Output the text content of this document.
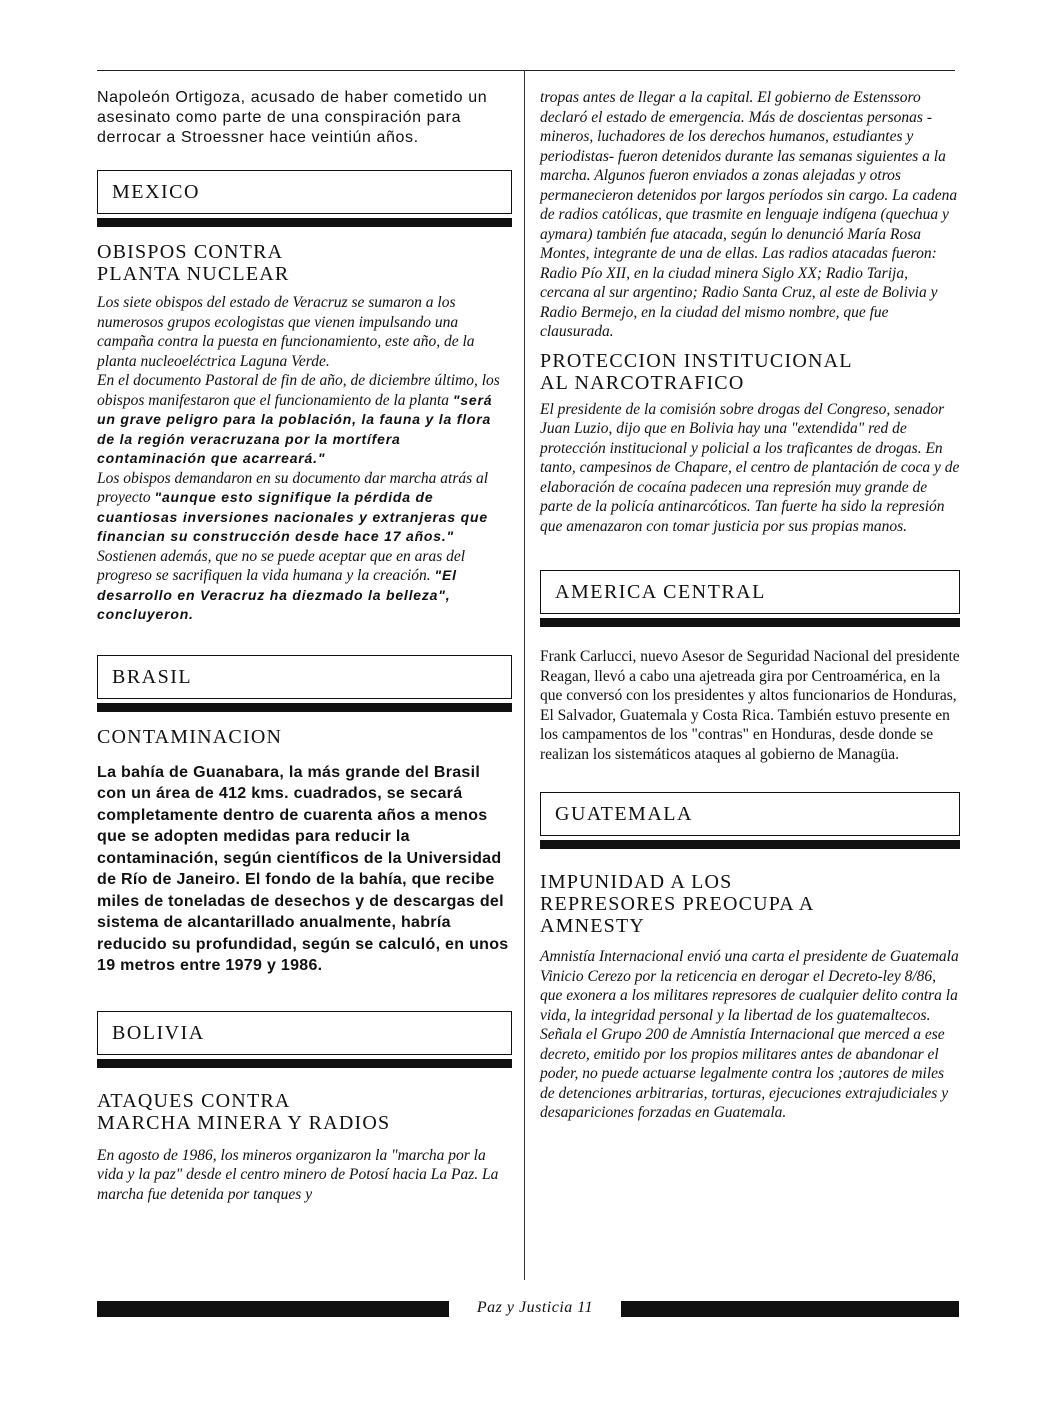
Napoleón Ortigoza, acusado de haber cometido un asesinato como parte de una conspiración para derrocar a Stroessner hace veintiún años.

MEXICO

OBISPOS CONTRA

PLANTA NUCLEAR

Los siete obispos del estado de Veracruz se sumaron a los numerosos grupos ecologistas que vienen impulsando una campaña contra la puesta en funcionamiento, este año, de la planta nucleoeléctrica Laguna Verde.

En el documento Pastoral de fin de año, de diciembre último, los obispos manifestaron que el funcionamiento de la planta "será un grave peligro para la población, la fauna y la flora de la región veracruzana por la mortífera contaminación que acarreará."

Los obispos demandaron en su documento dar marcha atrás al proyecto "aunque esto signifique la pérdida de cuantiosas inversiones nacionales y extranjeras que financian su construcción desde hace 17 años."

Sostienen además, que no se puede aceptar que en aras del progreso se sacrifiquen la vida humana y la creación. "El desarrollo en Veracruz ha diezmado la belleza", concluyeron.

BRASIL

CONTAMINACION

La bahía de Guanabara, la más grande del Brasil con un área de 412 kms. cuadrados, se secará completamente dentro de cuarenta años a menos que se adopten medidas para reducir la contaminación, según científicos de la Universidad de Río de Janeiro. El fondo de la bahía, que recibe miles de toneladas de desechos y de descargas del sistema de alcantarillado anualmente, habría reducido su profundidad, según se calculó, en unos 19 metros entre 1979 y 1986.

BOLIVIA

ATAQUES CONTRA

MARCHA MINERA Y RADIOS

En agosto de 1986, los mineros organizaron la "marcha por la vida y la paz" desde el centro minero de Potosí hacia La Paz. La marcha fue detenida por tanques y

tropas antes de llegar a la capital. El gobierno de Estenssoro declaró el estado de emergencia. Más de doscientas personas -mineros, luchadores de los derechos humanos, estudiantes y periodistas- fueron detenidos durante las semanas siguientes a la marcha. Algunos fueron enviados a zonas alejadas y otros permanecieron detenidos por largos períodos sin cargo. La cadena de radios católicas, que trasmite en lenguaje indígena (quechua y aymara) también fue atacada, según lo denunció María Rosa Montes, integrante de una de ellas. Las radios atacadas fueron: Radio Pío XII, en la ciudad minera Siglo XX; Radio Tarija, cercana al sur argentino; Radio Santa Cruz, al este de Bolivia y Radio Bermejo, en la ciudad del mismo nombre, que fue clausurada.

PROTECCION INSTITUCIONAL

AL NARCOTRAFICO

El presidente de la comisión sobre drogas del Congreso, senador Juan Luzio, dijo que en Bolivia hay una "extendida" red de protección institucional y policial a los traficantes de drogas. En tanto, campesinos de Chapare, el centro de plantación de coca y de elaboración de cocaína padecen una represión muy grande de parte de la policía antinarcóticos. Tan fuerte ha sido la represión que amenazaron con tomar justicia por sus propias manos.

AMERICA CENTRAL

Frank Carlucci, nuevo Asesor de Seguridad Nacional del presidente Reagan, llevó a cabo una ajetreada gira por Centroamérica, en la que conversó con los presidentes y altos funcionarios de Honduras, El Salvador, Guatemala y Costa Rica. También estuvo presente en los campamentos de los "contras" en Honduras, desde donde se realizan los sistemáticos ataques al gobierno de Managüa.

GUATEMALA

IMPUNIDAD A LOS

REPRESORES PREOCUPA A

AMNESTY

Amnistía Internacional envió una carta el presidente de Guatemala Vinicio Cerezo por la reticencia en derogar el Decreto-ley 8/86, que exonera a los militares represores de cualquier delito contra la vida, la integridad personal y la libertad de los guatemaltecos.

Señala el Grupo 200 de Amnistía Internacional que merced a ese decreto, emitido por los propios militares antes de abandonar el poder, no puede actuarse legalmente contra los ;autores de miles de detenciones arbitrarias, torturas, ejecuciones extrajudiciales y desapariciones forzadas en Guatemala.

Paz y Justicia 11
